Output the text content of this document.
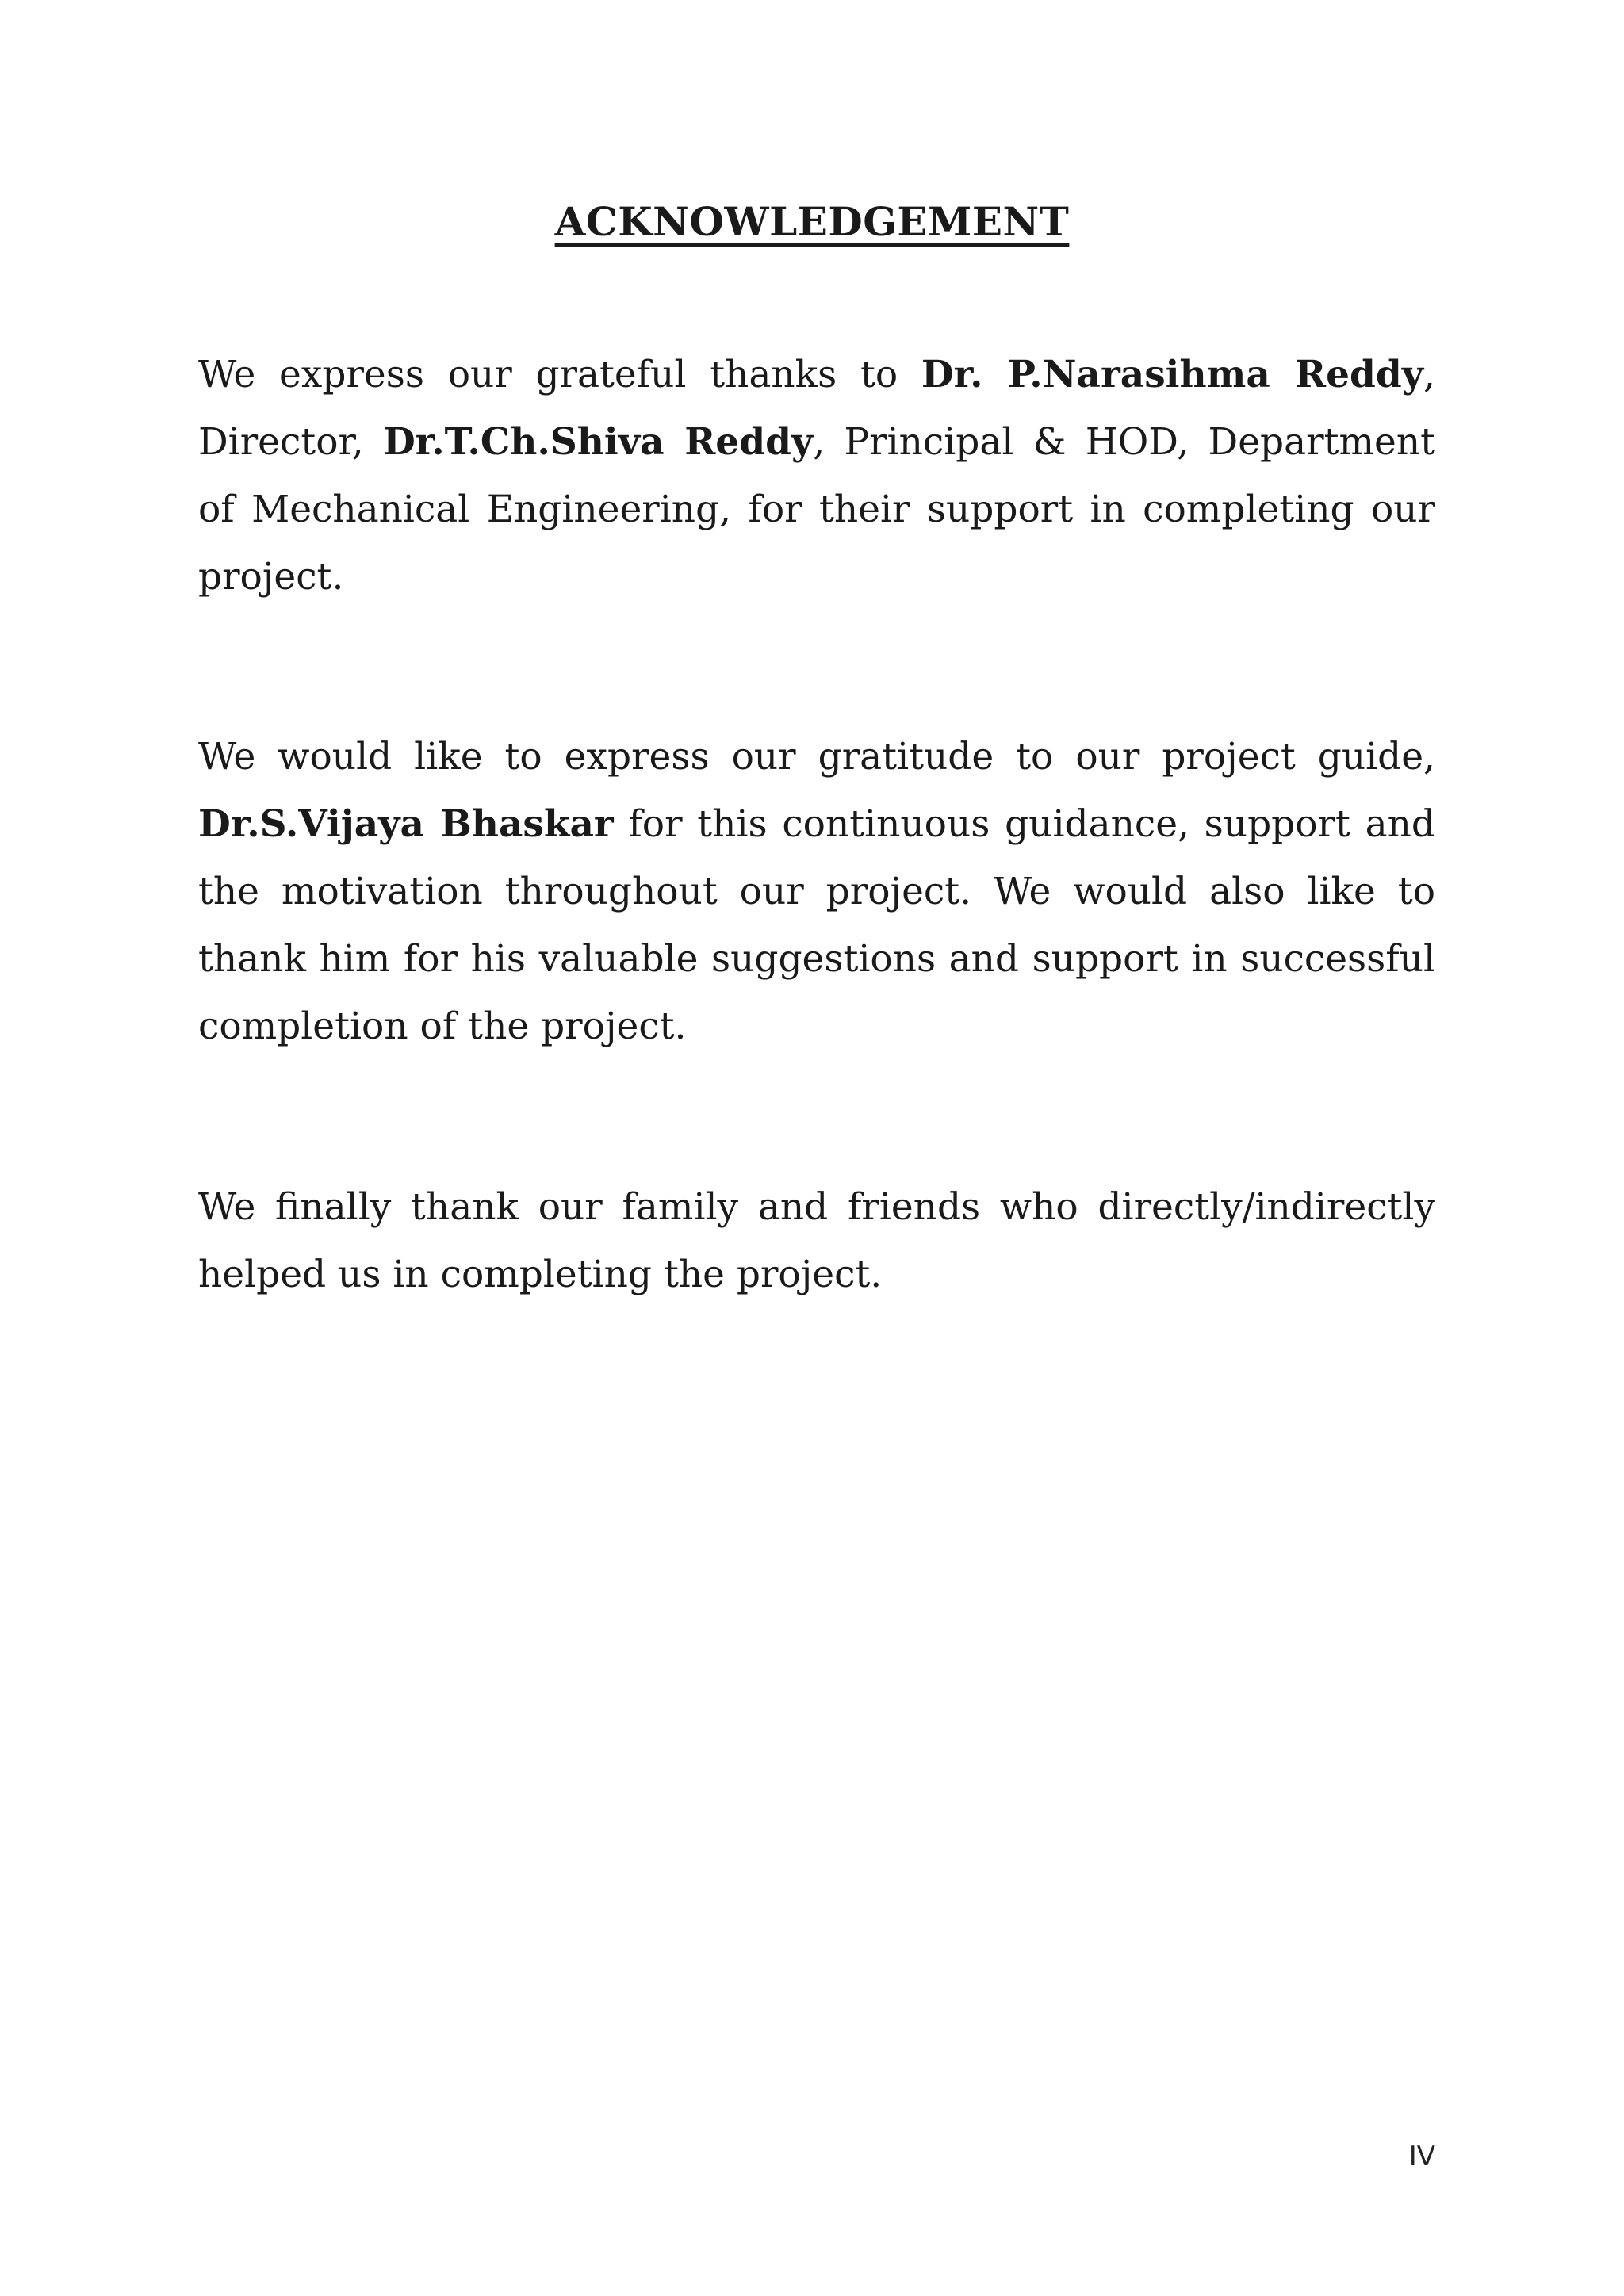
ACKNOWLEDGEMENT

We express our grateful thanks to Dr. P.Narasihma Reddy, Director, Dr.T.Ch.Shiva Reddy, Principal & HOD, Department of Mechanical Engineering, for their support in completing our project.

We would like to express our gratitude to our project guide, Dr.S.Vijaya Bhaskar for this continuous guidance, support and the motivation throughout our project. We would also like to thank him for his valuable suggestions and support in successful completion of the project.

We finally thank our family and friends who directly/indirectly helped us in completing the project.

IV
